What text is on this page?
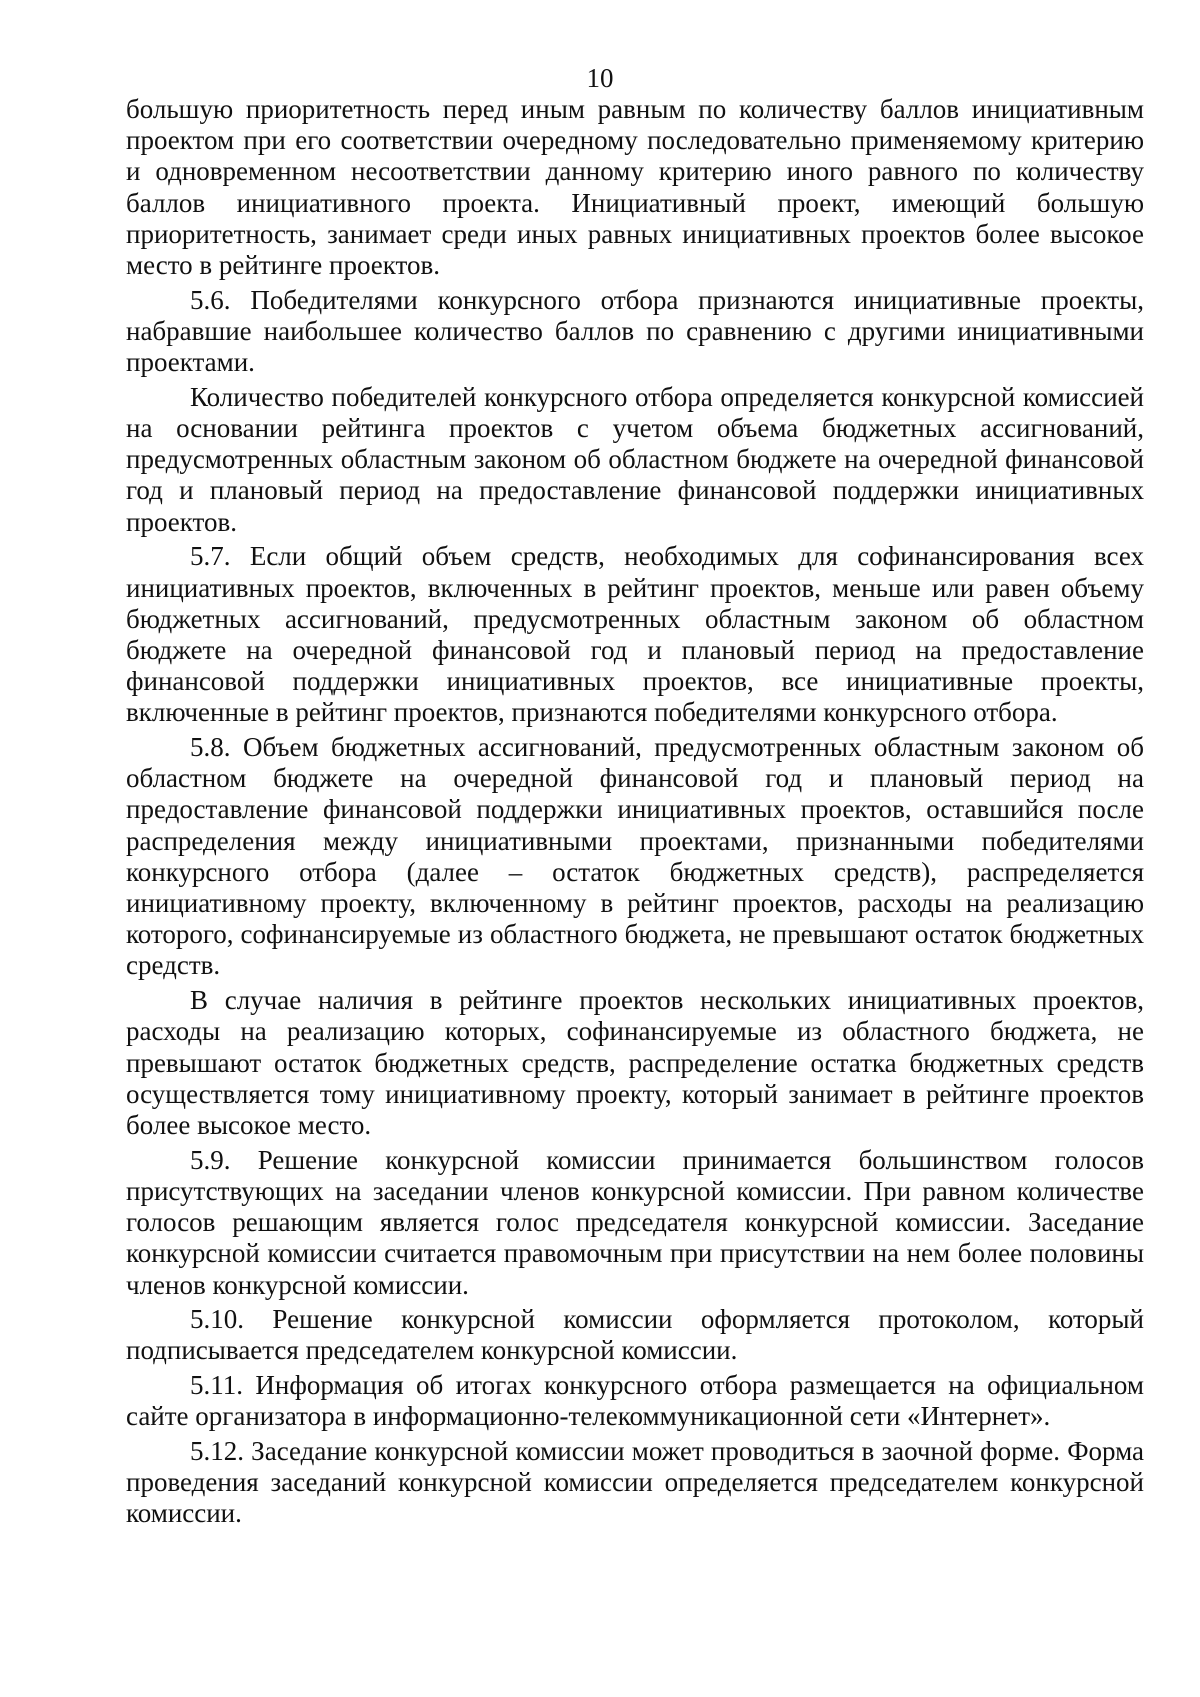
10

большую приоритетность перед иным равным по количеству баллов инициативным проектом при его соответствии очередному последовательно применяемому критерию и одновременном несоответствии данному критерию иного равного по количеству баллов инициативного проекта. Инициативный проект, имеющий большую приоритетность, занимает среди иных равных инициативных проектов более высокое место в рейтинге проектов.

5.6. Победителями конкурсного отбора признаются инициативные проекты, набравшие наибольшее количество баллов по сравнению с другими инициативными проектами.

Количество победителей конкурсного отбора определяется конкурсной комиссией на основании рейтинга проектов с учетом объема бюджетных ассигнований, предусмотренных областным законом об областном бюджете на очередной финансовой год и плановый период на предоставление финансовой поддержки инициативных проектов.

5.7. Если общий объем средств, необходимых для софинансирования всех инициативных проектов, включенных в рейтинг проектов, меньше или равен объему бюджетных ассигнований, предусмотренных областным законом об областном бюджете на очередной финансовой год и плановый период на предоставление финансовой поддержки инициативных проектов, все инициативные проекты, включенные в рейтинг проектов, признаются победителями конкурсного отбора.

5.8. Объем бюджетных ассигнований, предусмотренных областным законом об областном бюджете на очередной финансовой год и плановый период на предоставление финансовой поддержки инициативных проектов, оставшийся после распределения между инициативными проектами, признанными победителями конкурсного отбора (далее – остаток бюджетных средств), распределяется инициативному проекту, включенному в рейтинг проектов, расходы на реализацию которого, софинансируемые из областного бюджета, не превышают остаток бюджетных средств.

В случае наличия в рейтинге проектов нескольких инициативных проектов, расходы на реализацию которых, софинансируемые из областного бюджета, не превышают остаток бюджетных средств, распределение остатка бюджетных средств осуществляется тому инициативному проекту, который занимает в рейтинге проектов более высокое место.

5.9. Решение конкурсной комиссии принимается большинством голосов присутствующих на заседании членов конкурсной комиссии. При равном количестве голосов решающим является голос председателя конкурсной комиссии. Заседание конкурсной комиссии считается правомочным при присутствии на нем более половины членов конкурсной комиссии.

5.10. Решение конкурсной комиссии оформляется протоколом, который подписывается председателем конкурсной комиссии.

5.11. Информация об итогах конкурсного отбора размещается на официальном сайте организатора в информационно-телекоммуникационной сети «Интернет».

5.12. Заседание конкурсной комиссии может проводиться в заочной форме. Форма проведения заседаний конкурсной комиссии определяется председателем конкурсной комиссии.
